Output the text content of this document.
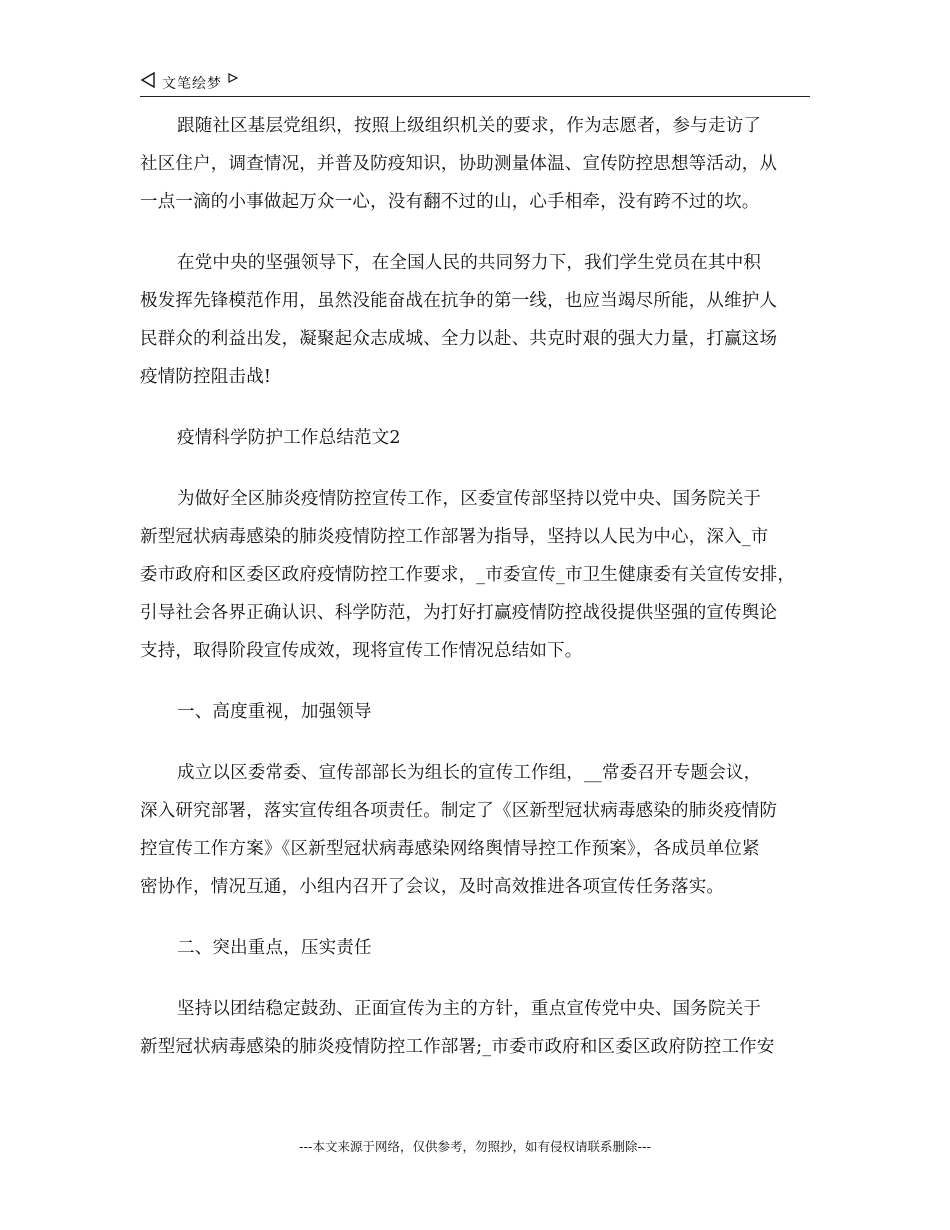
文笔绘梦
跟随社区基层党组织，按照上级组织机关的要求，作为志愿者，参与走访了
社区住户，调查情况，并普及防疫知识，协助测量体温、宣传防控思想等活动，从
一点一滴的小事做起万众一心，没有翻不过的山，心手相牵，没有跨不过的坎。
在党中央的坚强领导下，在全国人民的共同努力下，我们学生党员在其中积
极发挥先锋模范作用，虽然没能奋战在抗争的第一线，也应当竭尽所能，从维护人
民群众的利益出发，凝聚起众志成城、全力以赴、共克时艰的强大力量，打赢这场
疫情防控阻击战!
疫情科学防护工作总结范文2
为做好全区肺炎疫情防控宣传工作，区委宣传部坚持以党中央、国务院关于
新型冠状病毒感染的肺炎疫情防控工作部署为指导，坚持以人民为中心，深入_市
委市政府和区委区政府疫情防控工作要求，_市委宣传_市卫生健康委有关宣传安排，
引导社会各界正确认识、科学防范，为打好打赢疫情防控战役提供坚强的宣传舆论
支持，取得阶段宣传成效，现将宣传工作情况总结如下。
一、高度重视，加强领导
成立以区委常委、宣传部部长为组长的宣传工作组，__常委召开专题会议，
深入研究部署，落实宣传组各项责任。制定了《区新型冠状病毒感染的肺炎疫情防
控宣传工作方案》《区新型冠状病毒感染网络舆情导控工作预案》，各成员单位紧
密协作，情况互通，小组内召开了会议，及时高效推进各项宣传任务落实。
二、突出重点，压实责任
坚持以团结稳定鼓劲、正面宣传为主的方针，重点宣传党中央、国务院关于
新型冠状病毒感染的肺炎疫情防控工作部署;_市委市政府和区委区政府防控工作安
---本文来源于网络，仅供参考，勿照抄，如有侵权请联系删除---
